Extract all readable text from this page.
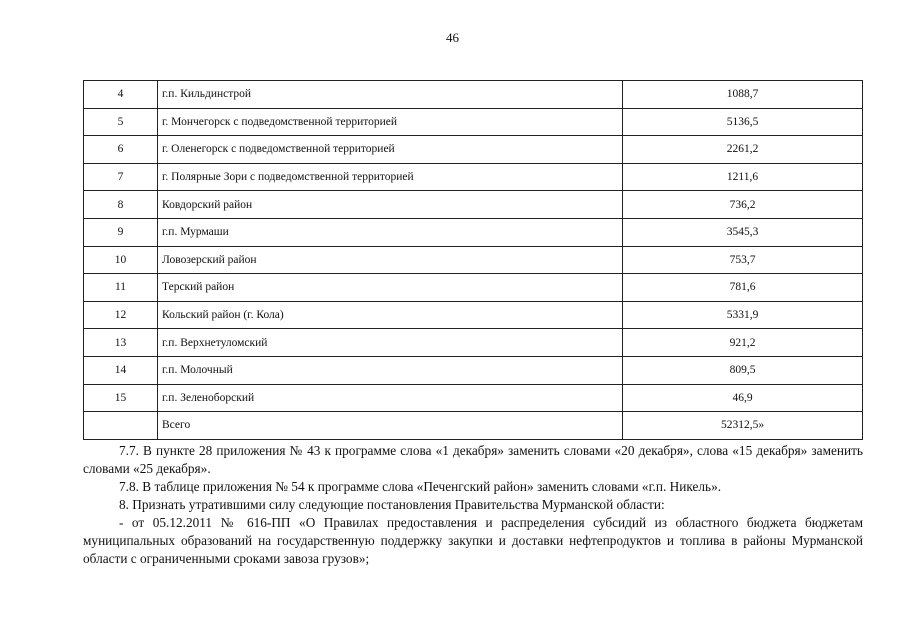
46
4	г.п. Кильдинстрой	1088,7
5	г. Мончегорск с подведомственной территорией	5136,5
6	г. Оленегорск с подведомственной территорией	2261,2
7	г. Полярные Зори с подведомственной территорией	1211,6
8	Ковдорский район	736,2
9	г.п. Мурмаши	3545,3
10	Ловозерский район	753,7
11	Терский район	781,6
12	Кольский район (г. Кола)	5331,9
13	г.п. Верхнетуломский	921,2
14	г.п. Молочный	809,5
15	г.п. Зеленоборский	46,9
	Всего	52312,5»

7.7. В пункте 28 приложения № 43 к программе слова «1 декабря» заменить словами «20 декабря», слова «15 декабря» заменить словами «25 декабря».

7.8. В таблице приложения № 54 к программе слова «Печенгский район» заменить словами «г.п. Никель».

8. Признать утратившими силу следующие постановления Правительства Мурманской области:

- от 05.12.2011 № 616-ПП «О Правилах предоставления и распределения субсидий из областного бюджета бюджетам муниципальных образований на государственную поддержку закупки и доставки нефтепродуктов и топлива в районы Мурманской области с ограниченными сроками завоза грузов»;
